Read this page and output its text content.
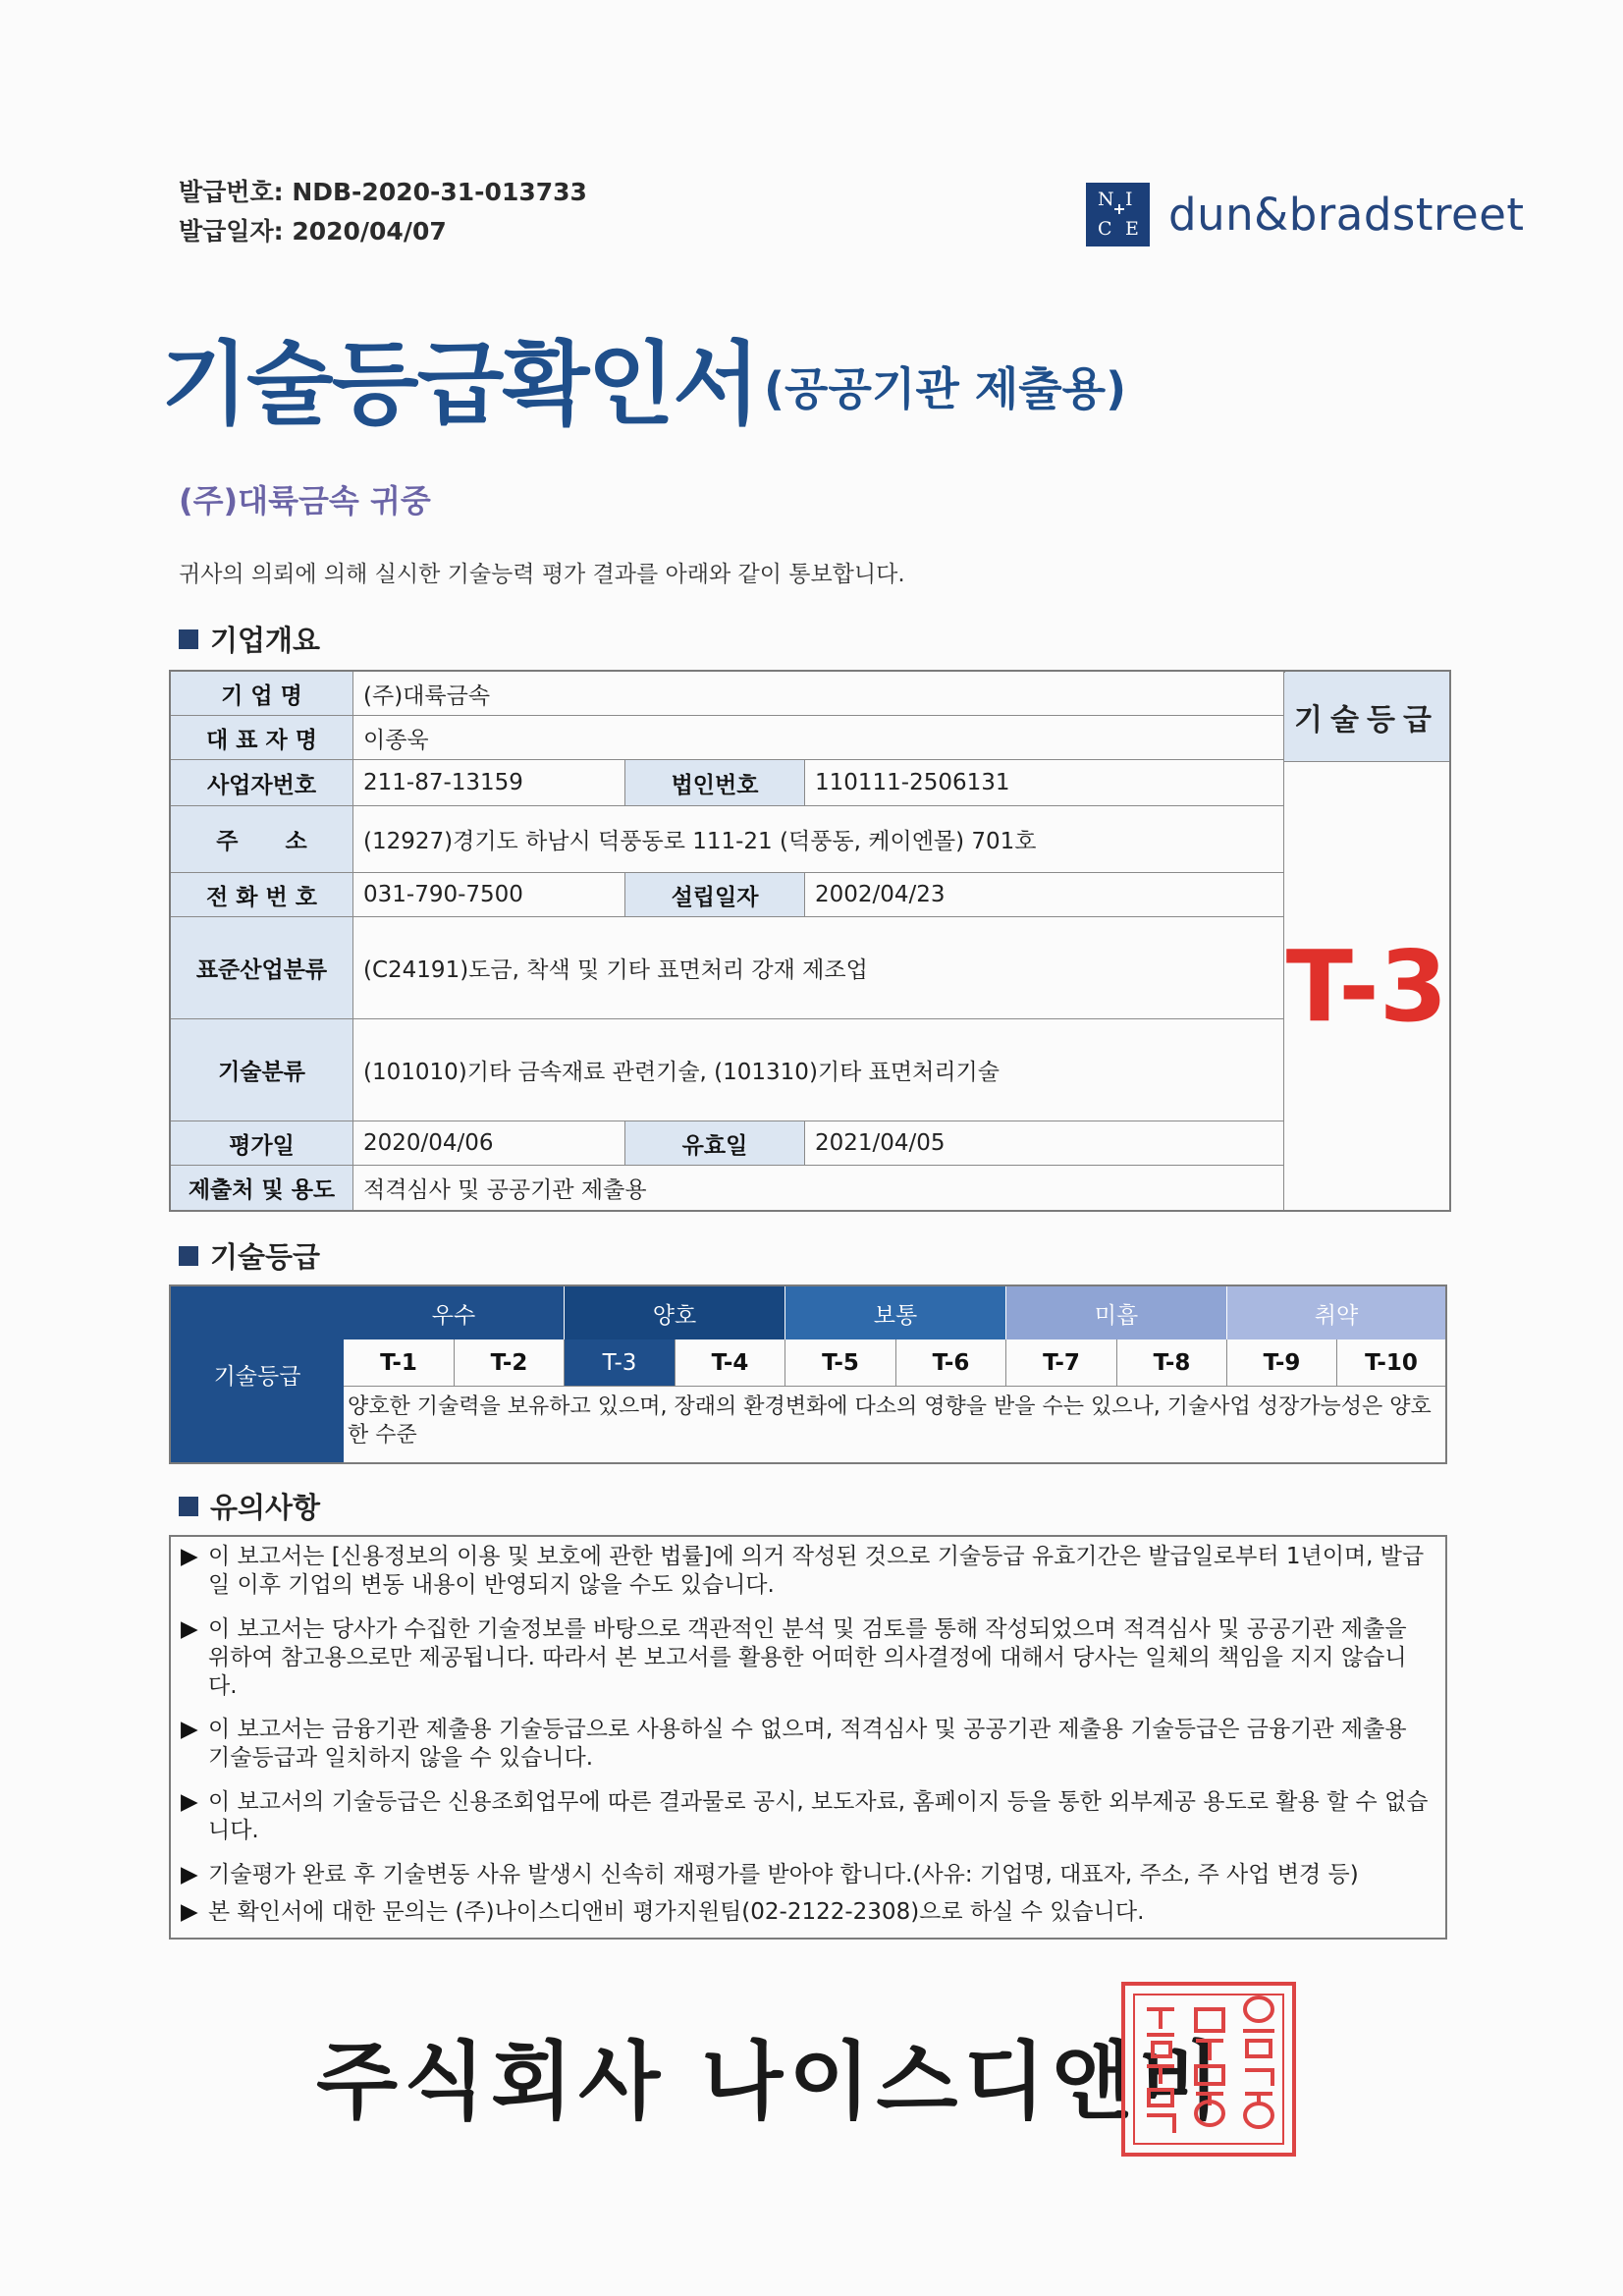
발급번호: NDB-2020-31-013733
발급일자: 2020/04/07
N I
C E dun&bradstreet
기술등급확인서 (공공기관 제출용)
(주)대륙금속 귀중
귀사의 의뢰에 의해 실시한 기술능력 평가 결과를 아래와 같이 통보합니다.
기업개요
기 업 명	(주)대륙금속
대 표 자 명	이종욱
기술등급
사업자번호	211-87-13159	법인번호	110111-2506131
주      소	(12927)경기도 하남시 덕풍동로 111-21 (덕풍동, 케이엔몰) 701호
전 화 번 호	031-790-7500	설립일자	2002/04/23
표준산업분류	(C24191)도금, 착색 및 기타 표면처리 강재 제조업
기술분류	(101010)기타 금속재료 관련기술, (101310)기타 표면처리기술
평가일	2020/04/06	유효일	2021/04/05
제출처 및 용도	적격심사 및 공공기관 제출용
T-3
기술등급
기술등급
우수	양호	보통	미흡	취약
T-1	T-2	T-3	T-4	T-5	T-6	T-7	T-8	T-9	T-10
양호한 기술력을 보유하고 있으며, 장래의 환경변화에 다소의 영향을 받을 수는 있으나, 기술사업 성장가능성은 양호한 수준
유의사항
▶ 이 보고서는 [신용정보의 이용 및 보호에 관한 법률]에 의거 작성된 것으로 기술등급 유효기간은 발급일로부터 1년이며, 발급일 이후 기업의 변동 내용이 반영되지 않을 수도 있습니다.
▶ 이 보고서는 당사가 수집한 기술정보를 바탕으로 객관적인 분석 및 검토를 통해 작성되었으며 적격심사 및 공공기관 제출을 위하여 참고용으로만 제공됩니다. 따라서 본 보고서를 활용한 어떠한 의사결정에 대해서 당사는 일체의 책임을 지지 않습니다.
▶ 이 보고서는 금융기관 제출용 기술등급으로 사용하실 수 없으며, 적격심사 및 공공기관 제출용 기술등급은 금융기관 제출용 기술등급과 일치하지 않을 수 있습니다.
▶ 이 보고서의 기술등급은 신용조회업무에 따른 결과물로 공시, 보도자료, 홈페이지 등을 통한 외부제공 용도로 활용 할 수 없습니다.
▶ 기술평가 완료 후 기술변동 사유 발생시 신속히 재평가를 받아야 합니다.(사유: 기업명, 대표자, 주소, 주 사업 변경 등)
▶ 본 확인서에 대한 문의는 (주)나이스디앤비 평가지원팀(02-2122-2308)으로 하실 수 있습니다.
주식회사 나이스디앤비
